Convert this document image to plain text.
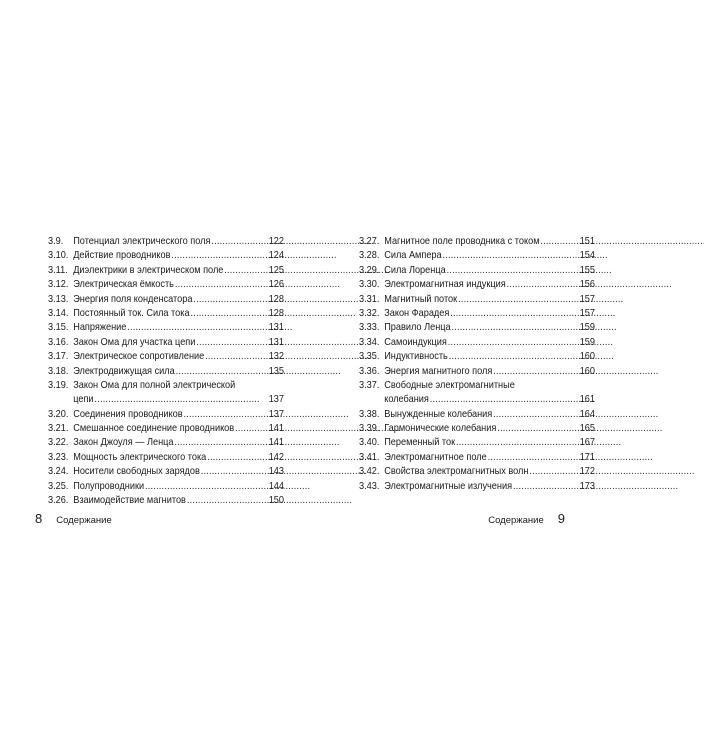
3.9. Потенциал электрического поля . . .	122
3.10. Действие проводников . . .	124
3.11. Диэлектрики в электрическом поле . . .	125
3.12. Электрическая ёмкость . . .	126
3.13. Энергия поля конденсатора . . .	128
3.14. Постоянный ток. Сила тока . . .	128
3.15. Напряжение . . .	131
3.16. Закон Ома для участка цепи . . .	131
3.17. Электрическое сопротивление . . .	132
3.18. Электродвижущая сила . . .	135
3.19. Закон Ома для полной электрической
цепи . . .	137
3.20. Соединения проводников . . .	137
3.21. Смешанное соединение проводников . . .	141
3.22. Закон Джоуля — Ленца . . .	141
3.23. Мощность электрического тока . . .	142
3.24. Носители свободных зарядов . . .	143
3.25. Полупроводники . . .	144
3.26. Взаимодействие магнитов . . .	150
3.27. Магнитное поле проводника с током . . .	151
3.28. Сила Ампера . . .	154
3.29. Сила Лоренца . . .	155
3.30. Электромагнитная индукция . . .	156
3.31. Магнитный поток . . .	157
3.32. Закон Фарадея . . .	157
3.33. Правило Ленца . . .	159
3.34. Самоиндукция . . .	159
3.35. Индуктивность . . .	160
3.36. Энергия магнитного поля . . .	160
3.37. Свободные электромагнитные
колебания . . .	161
3.38. Вынужденные колебания . . .	164
3.39. Гармонические колебания . . .	165
3.40. Переменный ток . . .	167
3.41. Электромагнитное поле . . .	171
3.42. Свойства электромагнитных волн . . .	172
3.43. Электромагнитные излучения . . .	173
8 Содержание	Содержание 9
